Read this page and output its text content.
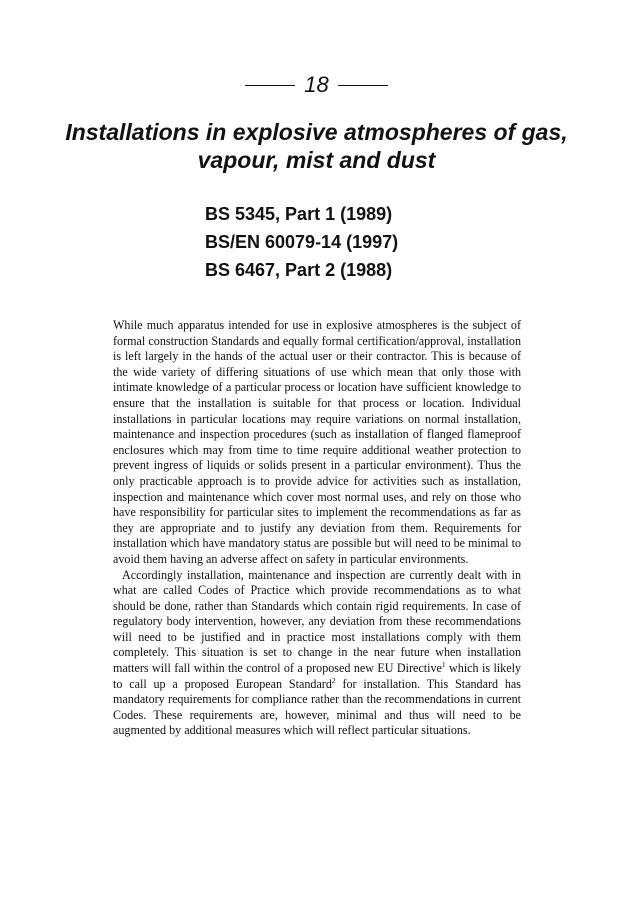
18
Installations in explosive atmospheres of gas, vapour, mist and dust
BS 5345, Part 1 (1989)
BS/EN 60079-14 (1997)
BS 6467, Part 2 (1988)

While much apparatus intended for use in explosive atmospheres is the subject of formal construction Standards and equally formal certification/approval, installation is left largely in the hands of the actual user or their contractor. This is because of the wide variety of differing situations of use which mean that only those with intimate knowledge of a particular process or location have sufficient knowledge to ensure that the installation is suitable for that process or location. Individual installations in particular locations may require variations on normal installation, maintenance and inspection procedures (such as installation of flanged flameproof enclosures which may from time to time require additional weather protection to prevent ingress of liquids or solids present in a particular environment). Thus the only practicable approach is to provide advice for activities such as installation, inspection and maintenance which cover most normal uses, and rely on those who have responsibility for particular sites to implement the recommendations as far as they are appropriate and to justify any deviation from them. Requirements for installation which have mandatory status are possible but will need to be minimal to avoid them having an adverse affect on safety in particular environments.

Accordingly installation, maintenance and inspection are currently dealt with in what are called Codes of Practice which provide recommendations as to what should be done, rather than Standards which contain rigid requirements. In case of regulatory body intervention, however, any deviation from these recommendations will need to be justified and in practice most installations comply with them completely. This situation is set to change in the near future when installation matters will fall within the control of a proposed new EU Directive$^1$ which is likely to call up a proposed European Standard$^2$ for installation. This Standard has mandatory requirements for compliance rather than the recommendations in current Codes. These requirements are, however, minimal and thus will need to be augmented by additional measures which will reflect particular situations.
